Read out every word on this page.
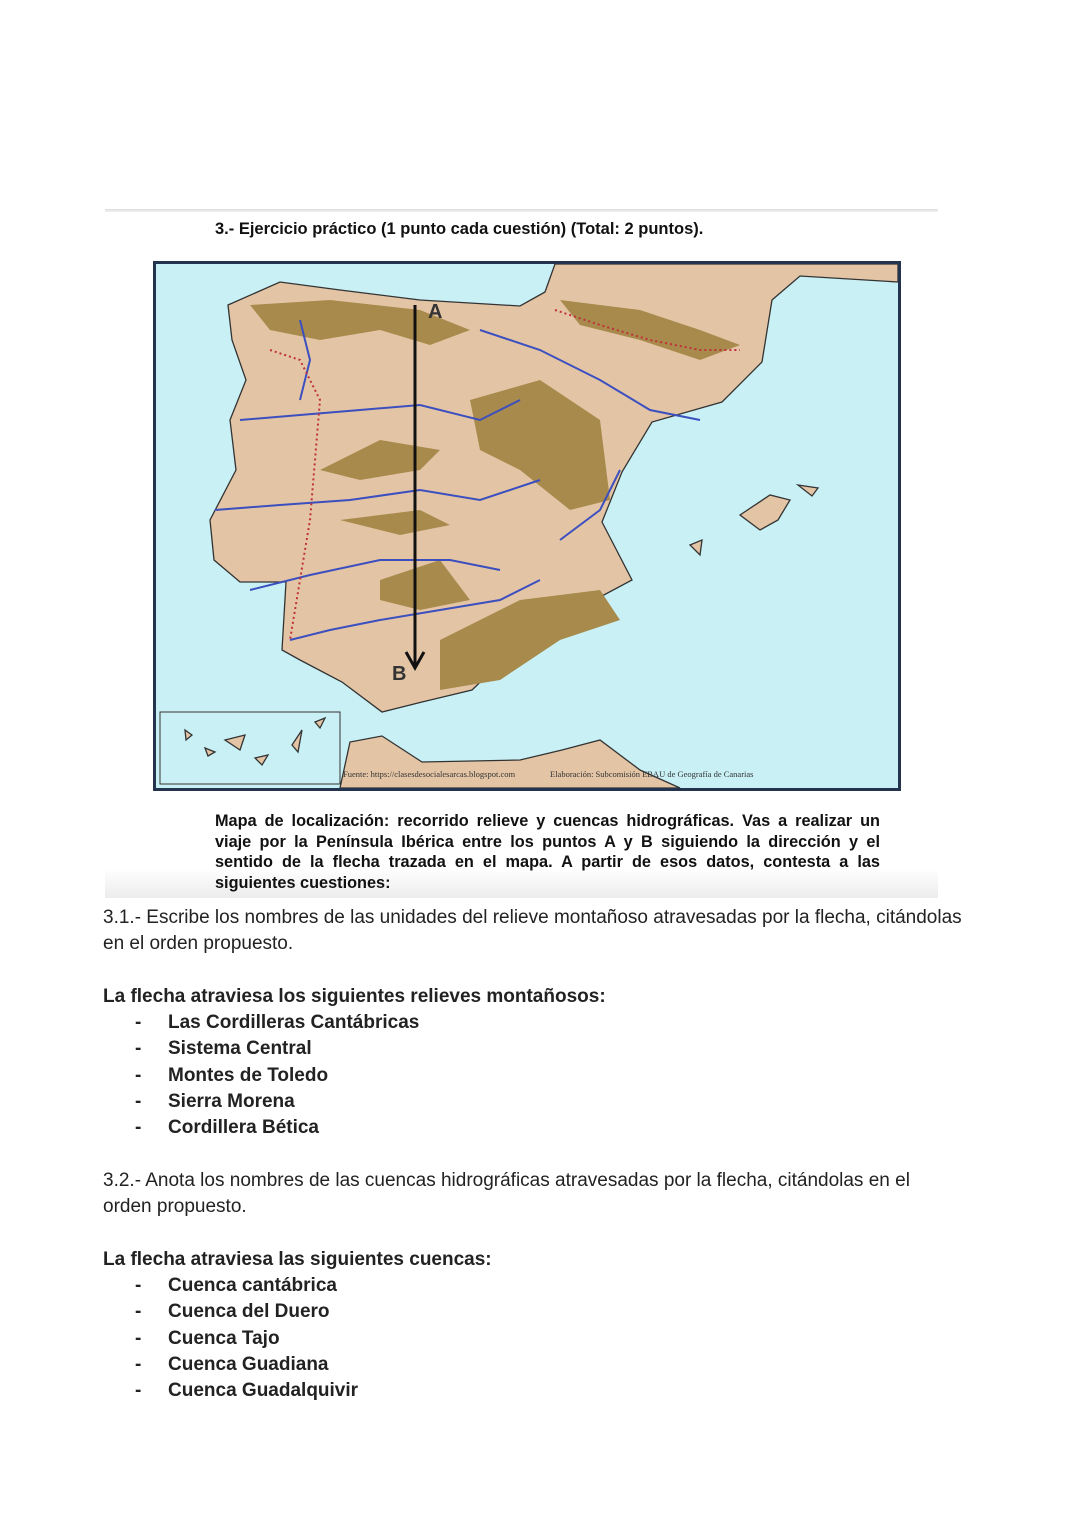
3.- Ejercicio práctico (1 punto cada cuestión) (Total: 2 puntos).
A
B
Fuente: https://clasesdesocialesarcas.blogspot.com	Elaboración: Subcomisión EBAU de Geografía de Canarias
Mapa de localización: recorrido relieve y cuencas hidrográficas. Vas a realizar un viaje por la Península Ibérica entre los puntos A y B siguiendo la dirección y el sentido de la flecha trazada en el mapa. A partir de esos datos, contesta a las siguientes cuestiones:
3.1.- Escribe los nombres de las unidades del relieve montañoso atravesadas por la flecha, citándolas en el orden propuesto.
La flecha atraviesa los siguientes relieves montañosos:
-	Las Cordilleras Cantábricas
-	Sistema Central
-	Montes de Toledo
-	Sierra Morena
-	Cordillera Bética
3.2.- Anota los nombres de las cuencas hidrográficas atravesadas por la flecha, citándolas en el orden propuesto.
La flecha atraviesa las siguientes cuencas:
-	Cuenca cantábrica
-	Cuenca del Duero
-	Cuenca Tajo
-	Cuenca Guadiana
-	Cuenca Guadalquivir
